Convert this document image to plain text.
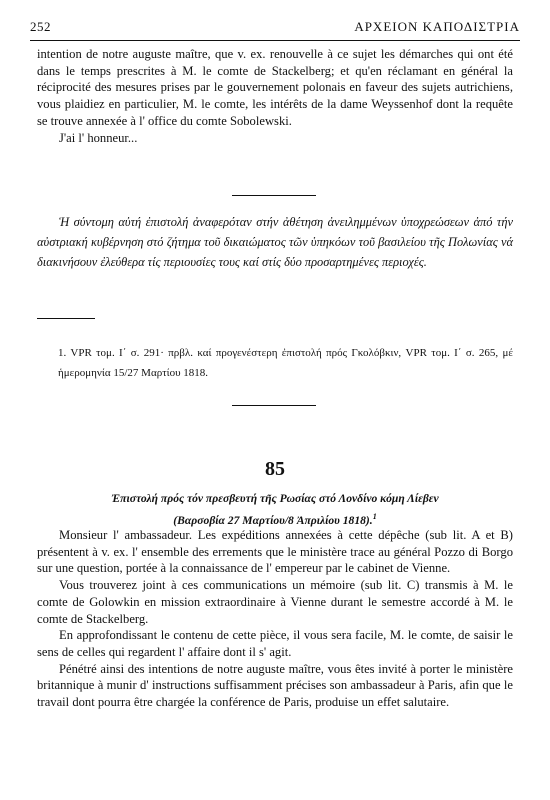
252	ΑΡΧΕΙΟΝ ΚΑΠΟΔΙΣΤΡΙΑ

intention de notre auguste maître, que v. ex. renouvelle à ce sujet les démarches qui ont été dans le temps prescrites à M. le comte de Stackelberg; et qu'en réclamant en général la réciprocité des mesures prises par le gouvernement polonais en faveur des sujets autrichiens, vous plaidiez en particulier, M. le comte, les intérêts de la dame Weyssenhof dont la requête se trouve annexée à l' office du comte Sobolewski.

J'ai l' honneur...

Ἡ σύντομη αὐτή ἐπιστολή ἀναφερόταν στήν ἀθέτηση ἀνειλημμένων ὑποχρεώσεων ἀπό τήν αὐστριακή κυβέρνηση στό ζήτημα τοῦ δικαιώματος τῶν ὑπηκόων τοῦ βασιλείου τῆς Πολωνίας νά διακινήσουν ἐλεύθερα τίς περιουσίες τους καί στίς δύο προσαρτημένες περιοχές.

1. VPR τομ. Ι΄ σ. 291· πρβλ. καί προγενέστερη ἐπιστολή πρός Γκολόβκιν, VPR τομ. Ι΄ σ. 265, μέ ἡμερομηνία 15/27 Μαρτίου 1818.

85
Ἐπιστολή πρός τόν πρεσβευτή τῆς Ρωσίας στό Λονδίνο κόμη Λίεβεν
(Βαρσοβία 27 Μαρτίου/8 Ἀπριλίου 1818).$^1$

Monsieur l' ambassadeur. Les expéditions annexées à cette dépêche (sub lit. A et B) présentent à v. ex. l' ensemble des errements que le ministère trace au général Pozzo di Borgo sur une question, portée à la connaissance de l' empereur par le cabinet de Vienne.

Vous trouverez joint à ces communications un mémoire (sub lit. C) transmis à M. le comte de Golowkin en mission extraordinaire à Vienne durant le semestre accordé à M. le comte de Stackelberg.

En approfondissant le contenu de cette pièce, il vous sera facile, M. le comte, de saisir le sens de celles qui regardent l' affaire dont il s' agit.

Pénétré ainsi des intentions de notre auguste maître, vous êtes invité à porter le ministère britannique à munir d' instructions suffisamment précises son ambassadeur à Paris, afin que le travail dont pourra être chargée la conférence de Paris, produise un effet salutaire.
